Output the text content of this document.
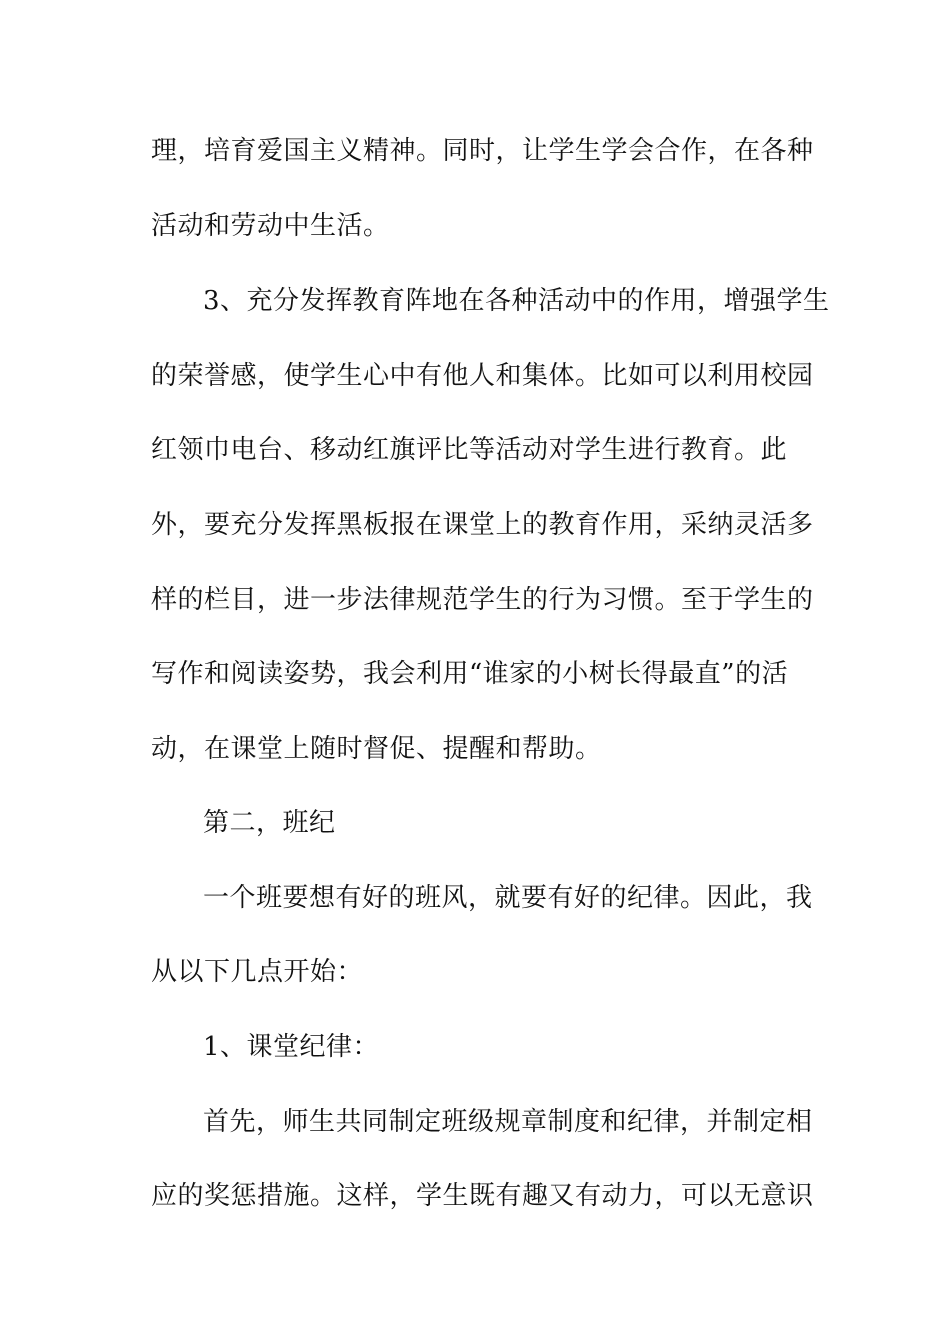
理，培育爱国主义精神。同时，让学生学会合作，在各种
活动和劳动中生活。
3、充分发挥教育阵地在各种活动中的作用，增强学生
的荣誉感，使学生心中有他人和集体。比如可以利用校园
红领巾电台、移动红旗评比等活动对学生进行教育。此
外，要充分发挥黑板报在课堂上的教育作用，采纳灵活多
样的栏目，进一步法律规范学生的行为习惯。至于学生的
写作和阅读姿势，我会利用“谁家的小树长得最直”的活
动，在课堂上随时督促、提醒和帮助。
第二，班纪
一个班要想有好的班风，就要有好的纪律。因此，我
从以下几点开始：
1、课堂纪律：
首先，师生共同制定班级规章制度和纪律，并制定相
应的奖惩措施。这样，学生既有趣又有动力，可以无意识
